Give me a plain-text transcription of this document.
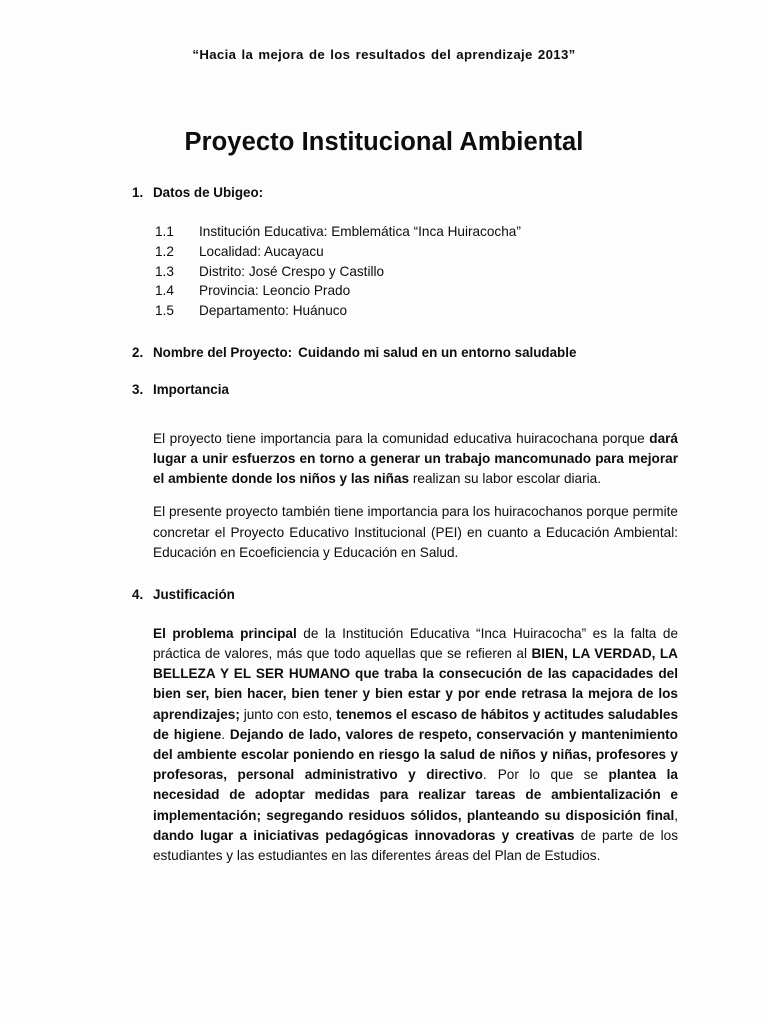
“Hacia la mejora de los resultados del aprendizaje 2013”
Proyecto Institucional Ambiental
1. Datos de Ubigeo:
1.1 Institución Educativa: Emblemática “Inca Huiracocha”
1.2 Localidad: Aucayacu
1.3 Distrito: José Crespo y Castillo
1.4 Provincia: Leoncio Prado
1.5 Departamento: Huánuco
2. Nombre del Proyecto: Cuidando mi salud en un entorno saludable
3. Importancia

El proyecto tiene importancia para la comunidad educativa huiracochana porque dará lugar a unir esfuerzos en torno a generar un trabajo mancomunado para mejorar el ambiente donde los niños y las niñas realizan su labor escolar diaria.

El presente proyecto también tiene importancia para los huiracochanos porque permite concretar el Proyecto Educativo Institucional (PEI) en cuanto a Educación Ambiental: Educación en Ecoeficiencia y Educación en Salud.

4. Justificación

El problema principal de la Institución Educativa “Inca Huiracocha” es la falta de práctica de valores, más que todo aquellas que se refieren al BIEN, LA VERDAD, LA BELLEZA Y EL SER HUMANO que traba la consecución de las capacidades del bien ser, bien hacer, bien tener y bien estar y por ende retrasa la mejora de los aprendizajes; junto con esto, tenemos el escaso de hábitos y actitudes saludables de higiene. Dejando de lado, valores de respeto, conservación y mantenimiento del ambiente escolar poniendo en riesgo la salud de niños y niñas, profesores y profesoras, personal administrativo y directivo. Por lo que se plantea la necesidad de adoptar medidas para realizar tareas de ambientalización e implementación; segregando residuos sólidos, planteando su disposición final, dando lugar a iniciativas pedagógicas innovadoras y creativas de parte de los estudiantes y las estudiantes en las diferentes áreas del Plan de Estudios.
